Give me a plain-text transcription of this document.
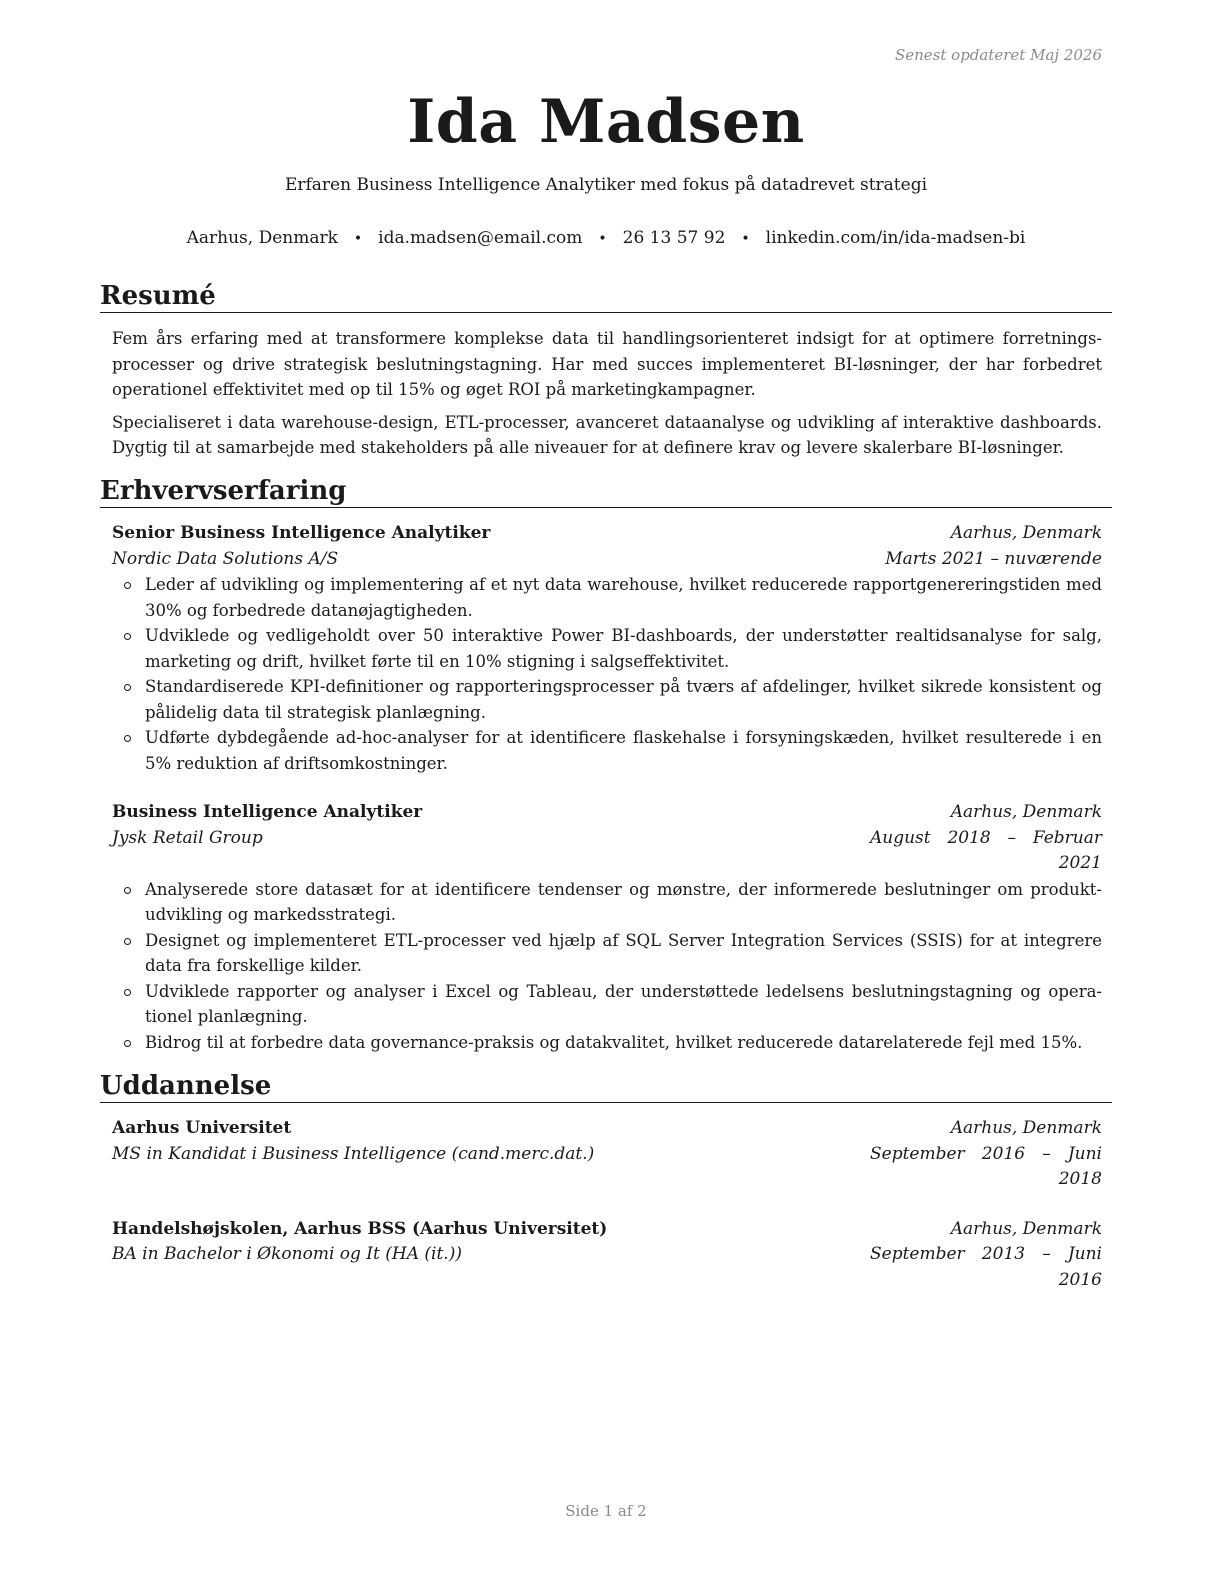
Senest opdateret Maj 2026
Ida Madsen
Erfaren Business Intelligence Analytiker med fokus på datadrevet strategi
Aarhus, Denmark • ida.madsen@email.com • 26 13 57 92 • linkedin.com/in/ida-madsen-bi
Resumé

Fem års erfaring med at transformere komplekse data til handlingsorienteret indsigt for at optimere forretnings-processer og drive strategisk beslutningstagning. Har med succes implementeret BI-løsninger, der har forbedret operationel effektivitet med op til 15% og øget ROI på marketingkampagner.

Specialiseret i data warehouse-design, ETL-processer, avanceret dataanalyse og udvikling af interaktive dashboards. Dygtig til at samarbejde med stakeholders på alle niveauer for at definere krav og levere skalerbare BI-løsninger.

Erhvervserfaring
Senior Business Intelligence Analytiker	Aarhus, Denmark
Nordic Data Solutions A/S	Marts 2021 – nuværende
Leder af udvikling og implementering af et nyt data warehouse, hvilket reducerede rapportgenereringstiden med 30% og forbedrede datanøjagtigheden.
Udviklede og vedligeholdt over 50 interaktive Power BI-dashboards, der understøtter realtidsanalyse for salg, marketing og drift, hvilket førte til en 10% stigning i salgseffektivitet.
Standardiserede KPI-definitioner og rapporteringsprocesser på tværs af afdelinger, hvilket sikrede konsistent og pålidelig data til strategisk planlægning.
Udførte dybdegående ad-hoc-analyser for at identificere flaskehalse i forsyningskæden, hvilket resulterede i en 5% reduktion af driftsomkostninger.
Business Intelligence Analytiker	Aarhus, Denmark
Jysk Retail Group	August 2018 – Februar
2021
Analyserede store datasæt for at identificere tendenser og mønstre, der informerede beslutninger om produkt-udvikling og markedsstrategi.
Designet og implementeret ETL-processer ved hjælp af SQL Server Integration Services (SSIS) for at integrere data fra forskellige kilder.
Udviklede rapporter og analyser i Excel og Tableau, der understøttede ledelsens beslutningstagning og opera-tionel planlægning.
Bidrog til at forbedre data governance-praksis og datakvalitet, hvilket reducerede datarelaterede fejl med 15%.
Uddannelse
Aarhus Universitet	Aarhus, Denmark
MS in Kandidat i Business Intelligence (cand.merc.dat.)	September 2016 – Juni
2018
Handelshøjskolen, Aarhus BSS (Aarhus Universitet)	Aarhus, Denmark
BA in Bachelor i Økonomi og It (HA (it.))	September 2013 – Juni
2016
Side 1 af 2
